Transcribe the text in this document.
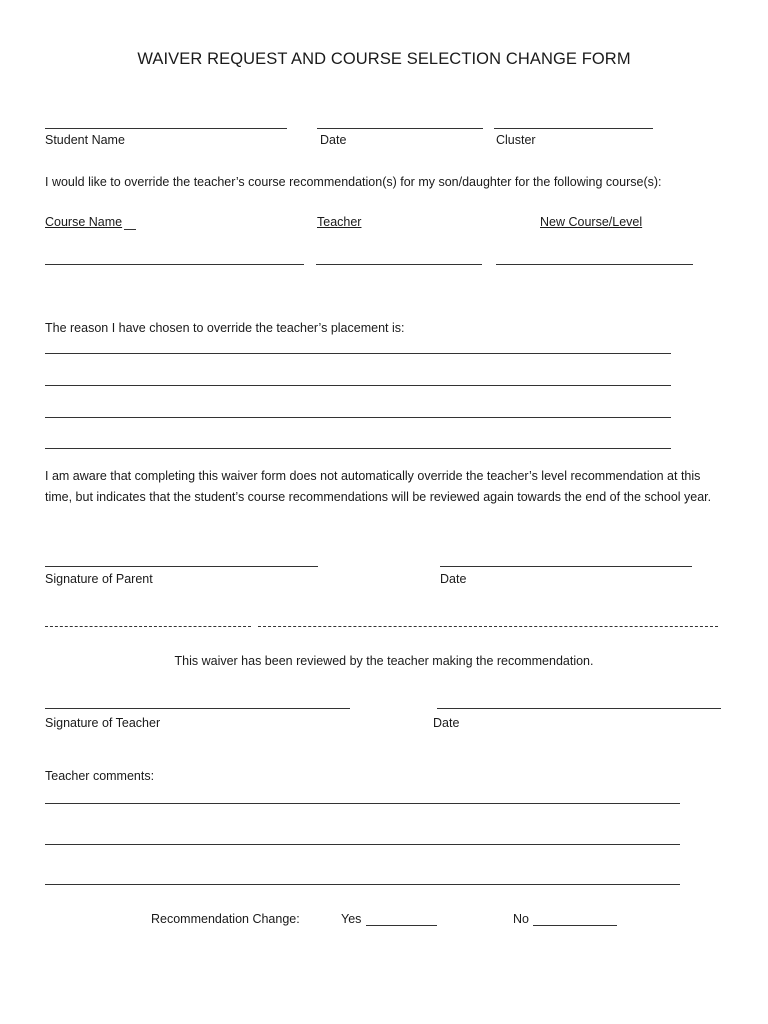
WAIVER REQUEST AND COURSE SELECTION CHANGE FORM
Student Name	Date	Cluster
I would like to override the teacher’s course recommendation(s) for my son/daughter for the following course(s):
Course Name	Teacher	New Course/Level
The reason I have chosen to override the teacher’s placement is:
I am aware that completing this waiver form does not automatically override the teacher’s level recommendation at this time, but indicates that the student’s course recommendations will be reviewed again towards the end of the school year.
Signature of Parent	Date
This waiver has been reviewed by the teacher making the recommendation.
Signature of Teacher	Date
Teacher comments:
Recommendation Change:	Yes	No
